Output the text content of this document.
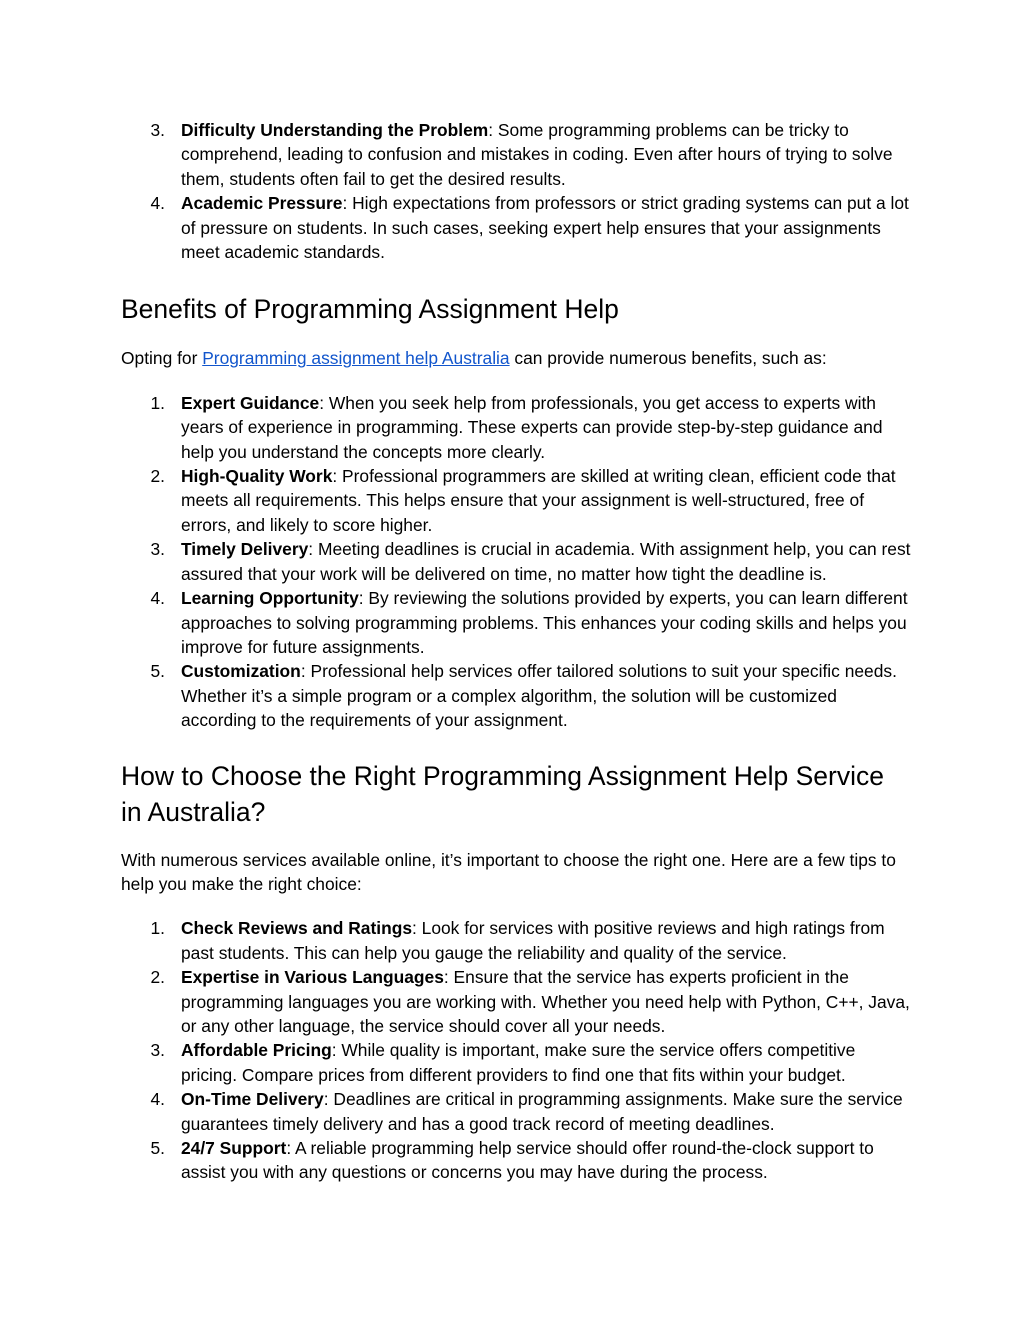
3. Difficulty Understanding the Problem: Some programming problems can be tricky to comprehend, leading to confusion and mistakes in coding. Even after hours of trying to solve them, students often fail to get the desired results.
4. Academic Pressure: High expectations from professors or strict grading systems can put a lot of pressure on students. In such cases, seeking expert help ensures that your assignments meet academic standards.
Benefits of Programming Assignment Help

Opting for Programming assignment help Australia can provide numerous benefits, such as:

1. Expert Guidance: When you seek help from professionals, you get access to experts with years of experience in programming. These experts can provide step-by-step guidance and help you understand the concepts more clearly.
2. High-Quality Work: Professional programmers are skilled at writing clean, efficient code that meets all requirements. This helps ensure that your assignment is well-structured, free of errors, and likely to score higher.
3. Timely Delivery: Meeting deadlines is crucial in academia. With assignment help, you can rest assured that your work will be delivered on time, no matter how tight the deadline is.
4. Learning Opportunity: By reviewing the solutions provided by experts, you can learn different approaches to solving programming problems. This enhances your coding skills and helps you improve for future assignments.
5. Customization: Professional help services offer tailored solutions to suit your specific needs. Whether it’s a simple program or a complex algorithm, the solution will be customized according to the requirements of your assignment.
How to Choose the Right Programming Assignment Help Service in Australia?

With numerous services available online, it’s important to choose the right one. Here are a few tips to help you make the right choice:

1. Check Reviews and Ratings: Look for services with positive reviews and high ratings from past students. This can help you gauge the reliability and quality of the service.
2. Expertise in Various Languages: Ensure that the service has experts proficient in the programming languages you are working with. Whether you need help with Python, C++, Java, or any other language, the service should cover all your needs.
3. Affordable Pricing: While quality is important, make sure the service offers competitive pricing. Compare prices from different providers to find one that fits within your budget.
4. On-Time Delivery: Deadlines are critical in programming assignments. Make sure the service guarantees timely delivery and has a good track record of meeting deadlines.
5. 24/7 Support: A reliable programming help service should offer round-the-clock support to assist you with any questions or concerns you may have during the process.
